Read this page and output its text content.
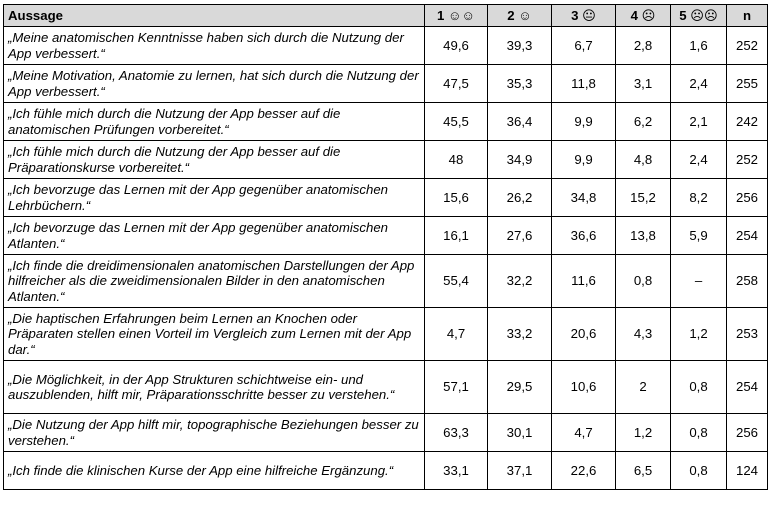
Aussage	1 ☺☺	2 ☺	3 😐	4 ☹	5 ☹☹	n
„Meine anatomischen Kenntnisse haben sich durch die Nutzung der App verbessert.“	49,6	39,3	6,7	2,8	1,6	252
„Meine Motivation, Anatomie zu lernen, hat sich durch die Nutzung der App verbessert.“	47,5	35,3	11,8	3,1	2,4	255
„Ich fühle mich durch die Nutzung der App besser auf die anatomischen Prüfungen vorbereitet.“	45,5	36,4	9,9	6,2	2,1	242
„Ich fühle mich durch die Nutzung der App besser auf die Präparationskurse vorbereitet.“	48	34,9	9,9	4,8	2,4	252
„Ich bevorzuge das Lernen mit der App gegenüber anatomischen Lehrbüchern.“	15,6	26,2	34,8	15,2	8,2	256
„Ich bevorzuge das Lernen mit der App gegenüber anatomischen Atlanten.“	16,1	27,6	36,6	13,8	5,9	254
„Ich finde die dreidimensionalen anatomischen Darstellungen der App hilfreicher als die zweidimensionalen Bilder in den anatomischen Atlanten.“	55,4	32,2	11,6	0,8	–	258
„Die haptischen Erfahrungen beim Lernen an Knochen oder Präparaten stellen einen Vorteil im Vergleich zum Lernen mit der App dar.“	4,7	33,2	20,6	4,3	1,2	253
„Die Möglichkeit, in der App Strukturen schichtweise ein- und auszublenden, hilft mir, Präparationsschritte besser zu verstehen.“	57,1	29,5	10,6	2	0,8	254
„Die Nutzung der App hilft mir, topographische Beziehungen besser zu verstehen.“	63,3	30,1	4,7	1,2	0,8	256
„Ich finde die klinischen Kurse der App eine hilfreiche Ergänzung.“	33,1	37,1	22,6	6,5	0,8	124
